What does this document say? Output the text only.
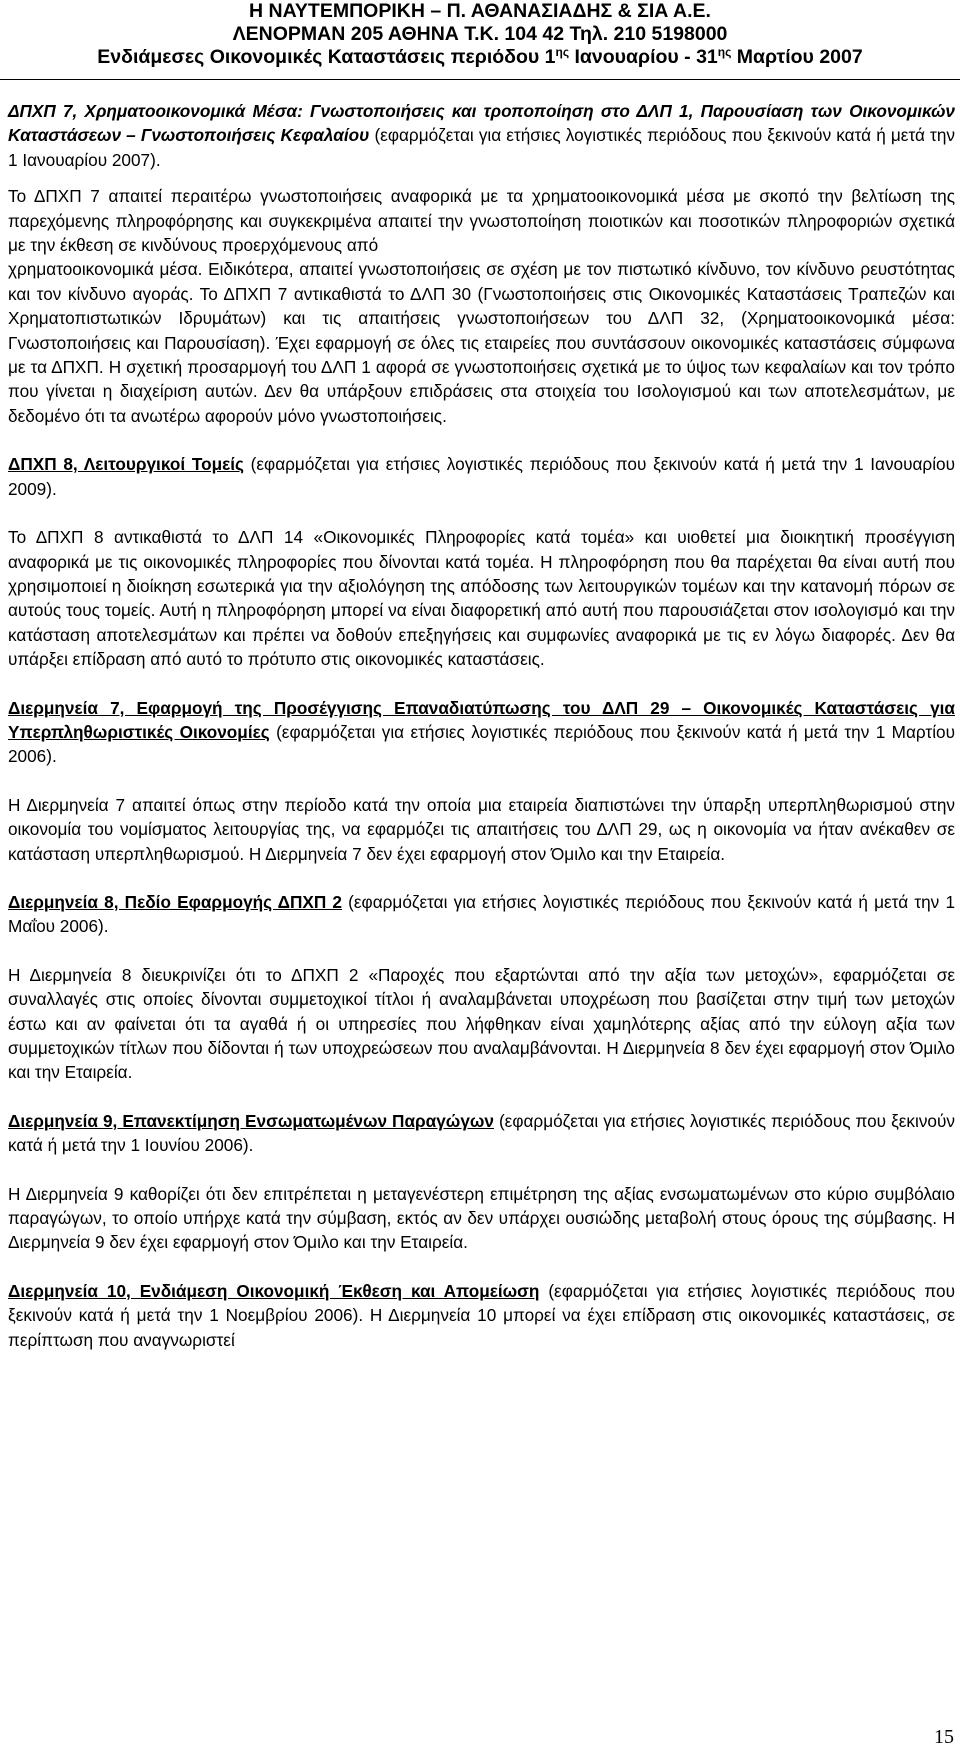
Η ΝΑΥΤΕΜΠΟΡΙΚΗ – Π. ΑΘΑΝΑΣΙΑΔΗΣ & ΣΙΑ Α.Ε.
ΛΕΝΟΡΜΑΝ 205 ΑΘΗΝΑ Τ.Κ. 104 42 Τηλ. 210 5198000
Ενδιάμεσες Οικονομικές Καταστάσεις περιόδου $1^{\eta\varsigma}$ Ιανουαρίου - $31^{\eta\varsigma}$ Μαρτίου 2007

ΔΠΧΠ 7, Χρηματοοικονομικά Μέσα: Γνωστοποιήσεις και τροποποίηση στο ΔΛΠ 1, Παρουσίαση των Οικονομικών Καταστάσεων – Γνωστοποιήσεις Κεφαλαίου (εφαρμόζεται για ετήσιες λογιστικές περιόδους που ξεκινούν κατά ή μετά την 1 Ιανουαρίου 2007).

Το ΔΠΧΠ 7 απαιτεί περαιτέρω γνωστοποιήσεις αναφορικά με τα χρηματοοικονομικά μέσα με σκοπό την βελτίωση της παρεχόμενης πληροφόρησης και συγκεκριμένα απαιτεί την γνωστοποίηση ποιοτικών και ποσοτικών πληροφοριών σχετικά με την έκθεση σε κινδύνους προερχόμενους από

χρηματοοικονομικά μέσα. Ειδικότερα, απαιτεί γνωστοποιήσεις σε σχέση με τον πιστωτικό κίνδυνο, τον κίνδυνο ρευστότητας και τον κίνδυνο αγοράς. Το ΔΠΧΠ 7 αντικαθιστά το ΔΛΠ 30 (Γνωστοποιήσεις στις Οικονομικές Καταστάσεις Τραπεζών και Χρηματοπιστωτικών Ιδρυμάτων) και τις απαιτήσεις γνωστοποιήσεων του ΔΛΠ 32, (Χρηματοοικονομικά μέσα: Γνωστοποιήσεις και Παρουσίαση). Έχει εφαρμογή σε όλες τις εταιρείες που συντάσσουν οικονομικές καταστάσεις σύμφωνα με τα ΔΠΧΠ. Η σχετική προσαρμογή του ΔΛΠ 1 αφορά σε γνωστοποιήσεις σχετικά με το ύψος των κεφαλαίων και τον τρόπο που γίνεται η διαχείριση αυτών. Δεν θα υπάρξουν επιδράσεις στα στοιχεία του Ισολογισμού και των αποτελεσμάτων, με δεδομένο ότι τα ανωτέρω αφορούν μόνο γνωστοποιήσεις.

ΔΠΧΠ 8, Λειτουργικοί Τομείς (εφαρμόζεται για ετήσιες λογιστικές περιόδους που ξεκινούν κατά ή μετά την 1 Ιανουαρίου 2009).

Το ΔΠΧΠ 8 αντικαθιστά το ΔΛΠ 14 «Οικονομικές Πληροφορίες κατά τομέα» και υιοθετεί μια διοικητική προσέγγιση αναφορικά με τις οικονομικές πληροφορίες που δίνονται κατά τομέα. Η πληροφόρηση που θα παρέχεται θα είναι αυτή που χρησιμοποιεί η διοίκηση εσωτερικά για την αξιολόγηση της απόδοσης των λειτουργικών τομέων και την κατανομή πόρων σε αυτούς τους τομείς. Αυτή η πληροφόρηση μπορεί να είναι διαφορετική από αυτή που παρουσιάζεται στον ισολογισμό και την κατάσταση αποτελεσμάτων και πρέπει να δοθούν επεξηγήσεις και συμφωνίες αναφορικά με τις εν λόγω διαφορές. Δεν θα υπάρξει επίδραση από αυτό το πρότυπο στις οικονομικές καταστάσεις.

Διερμηνεία 7, Εφαρμογή της Προσέγγισης Επαναδιατύπωσης του ΔΛΠ 29 – Οικονομικές Καταστάσεις για Υπερπληθωριστικές Οικονομίες (εφαρμόζεται για ετήσιες λογιστικές περιόδους που ξεκινούν κατά ή μετά την 1 Μαρτίου 2006).

Η Διερμηνεία 7 απαιτεί όπως στην περίοδο κατά την οποία μια εταιρεία διαπιστώνει την ύπαρξη υπερπληθωρισμού στην οικονομία του νομίσματος λειτουργίας της, να εφαρμόζει τις απαιτήσεις του ΔΛΠ 29, ως η οικονομία να ήταν ανέκαθεν σε κατάσταση υπερπληθωρισμού. Η Διερμηνεία 7 δεν έχει εφαρμογή στον Όμιλο και την Εταιρεία.

Διερμηνεία 8, Πεδίο Εφαρμογής ΔΠΧΠ 2 (εφαρμόζεται για ετήσιες λογιστικές περιόδους που ξεκινούν κατά ή μετά την 1 Μαΐου 2006).

Η Διερμηνεία 8 διευκρινίζει ότι το ΔΠΧΠ 2 «Παροχές που εξαρτώνται από την αξία των μετοχών», εφαρμόζεται σε συναλλαγές στις οποίες δίνονται συμμετοχικοί τίτλοι ή αναλαμβάνεται υποχρέωση που βασίζεται στην τιμή των μετοχών έστω και αν φαίνεται ότι τα αγαθά ή οι υπηρεσίες που λήφθηκαν είναι χαμηλότερης αξίας από την εύλογη αξία των συμμετοχικών τίτλων που δίδονται ή των υποχρεώσεων που αναλαμβάνονται. Η Διερμηνεία 8 δεν έχει εφαρμογή στον Όμιλο και την Εταιρεία.

Διερμηνεία 9, Επανεκτίμηση Ενσωματωμένων Παραγώγων (εφαρμόζεται για ετήσιες λογιστικές περιόδους που ξεκινούν κατά ή μετά την 1 Ιουνίου 2006).

Η Διερμηνεία 9 καθορίζει ότι δεν επιτρέπεται η μεταγενέστερη επιμέτρηση της αξίας ενσωματωμένων στο κύριο συμβόλαιο παραγώγων, το οποίο υπήρχε κατά την σύμβαση, εκτός αν δεν υπάρχει ουσιώδης μεταβολή στους όρους της σύμβασης. Η Διερμηνεία 9 δεν έχει εφαρμογή στον Όμιλο και την Εταιρεία.

Διερμηνεία 10, Ενδιάμεση Οικονομική Έκθεση και Απομείωση (εφαρμόζεται για ετήσιες λογιστικές περιόδους που ξεκινούν κατά ή μετά την 1 Νοεμβρίου 2006). Η Διερμηνεία 10 μπορεί να έχει επίδραση στις οικονομικές καταστάσεις, σε περίπτωση που αναγνωριστεί

15
